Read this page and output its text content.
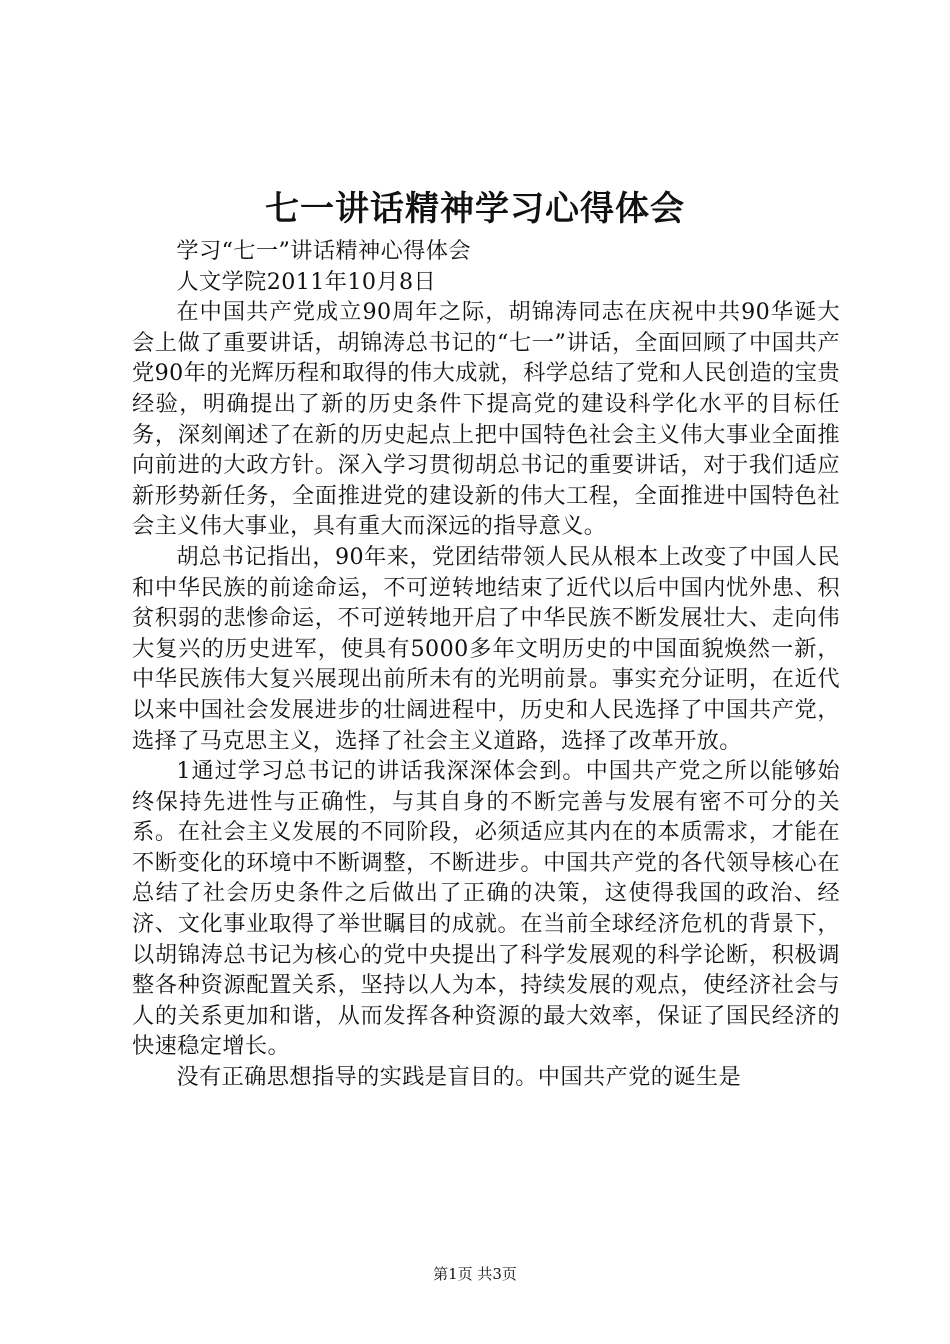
七一讲话精神学习心得体会

学习“七一”讲话精神心得体会

人文学院2011年10月8日

在中国共产党成立90周年之际，胡锦涛同志在庆祝中共90华诞大会上做了重要讲话，胡锦涛总书记的“七一”讲话，全面回顾了中国共产党90年的光辉历程和取得的伟大成就，科学总结了党和人民创造的宝贵经验，明确提出了新的历史条件下提高党的建设科学化水平的目标任务，深刻阐述了在新的历史起点上把中国特色社会主义伟大事业全面推向前进的大政方针。深入学习贯彻胡总书记的重要讲话，对于我们适应新形势新任务，全面推进党的建设新的伟大工程，全面推进中国特色社会主义伟大事业，具有重大而深远的指导意义。

胡总书记指出，90年来，党团结带领人民从根本上改变了中国人民和中华民族的前途命运，不可逆转地结束了近代以后中国内忧外患、积贫积弱的悲惨命运，不可逆转地开启了中华民族不断发展壮大、走向伟大复兴的历史进军，使具有5000多年文明历史的中国面貌焕然一新，中华民族伟大复兴展现出前所未有的光明前景。事实充分证明，在近代以来中国社会发展进步的壮阔进程中，历史和人民选择了中国共产党，选择了马克思主义，选择了社会主义道路，选择了改革开放。

1通过学习总书记的讲话我深深体会到。中国共产党之所以能够始终保持先进性与正确性，与其自身的不断完善与发展有密不可分的关系。在社会主义发展的不同阶段，必须适应其内在的本质需求，才能在不断变化的环境中不断调整，不断进步。中国共产党的各代领导核心在总结了社会历史条件之后做出了正确的决策，这使得我国的政治、经济、文化事业取得了举世瞩目的成就。在当前全球经济危机的背景下，以胡锦涛总书记为核心的党中央提出了科学发展观的科学论断，积极调整各种资源配置关系，坚持以人为本，持续发展的观点，使经济社会与人的关系更加和谐，从而发挥各种资源的最大效率，保证了国民经济的快速稳定增长。

没有正确思想指导的实践是盲目的。中国共产党的诞生是

第1页 共3页
